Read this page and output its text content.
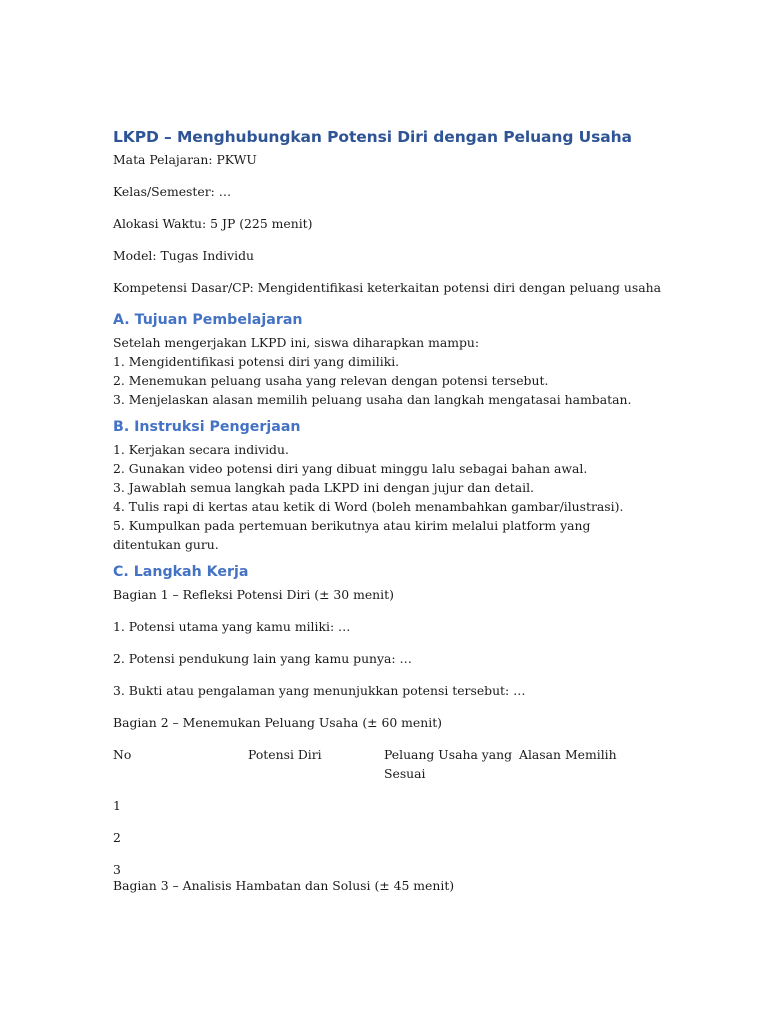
LKPD – Menghubungkan Potensi Diri dengan Peluang Usaha

Mata Pelajaran: PKWU

Kelas/Semester: …

Alokasi Waktu: 5 JP (225 menit)

Model: Tugas Individu

Kompetensi Dasar/CP: Mengidentifikasi keterkaitan potensi diri dengan peluang usaha

A. Tujuan Pembelajaran

Setelah mengerjakan LKPD ini, siswa diharapkan mampu:

1. Mengidentifikasi potensi diri yang dimiliki.

2. Menemukan peluang usaha yang relevan dengan potensi tersebut.

3. Menjelaskan alasan memilih peluang usaha dan langkah mengatasai hambatan.

B. Instruksi Pengerjaan

1. Kerjakan secara individu.

2. Gunakan video potensi diri yang dibuat minggu lalu sebagai bahan awal.

3. Jawablah semua langkah pada LKPD ini dengan jujur dan detail.

4. Tulis rapi di kertas atau ketik di Word (boleh menambahkan gambar/ilustrasi).

5. Kumpulkan pada pertemuan berikutnya atau kirim melalui platform yang ditentukan guru.

C. Langkah Kerja

Bagian 1 – Refleksi Potensi Diri (± 30 menit)

1. Potensi utama yang kamu miliki: …

2. Potensi pendukung lain yang kamu punya: …

3. Bukti atau pengalaman yang menunjukkan potensi tersebut: …

Bagian 2 – Menemukan Peluang Usaha (± 60 menit)

No	Potensi Diri	Peluang Usaha yang Sesuai
Alasan Memilih
1
2
3

Bagian 3 – Analisis Hambatan dan Solusi (± 45 menit)
